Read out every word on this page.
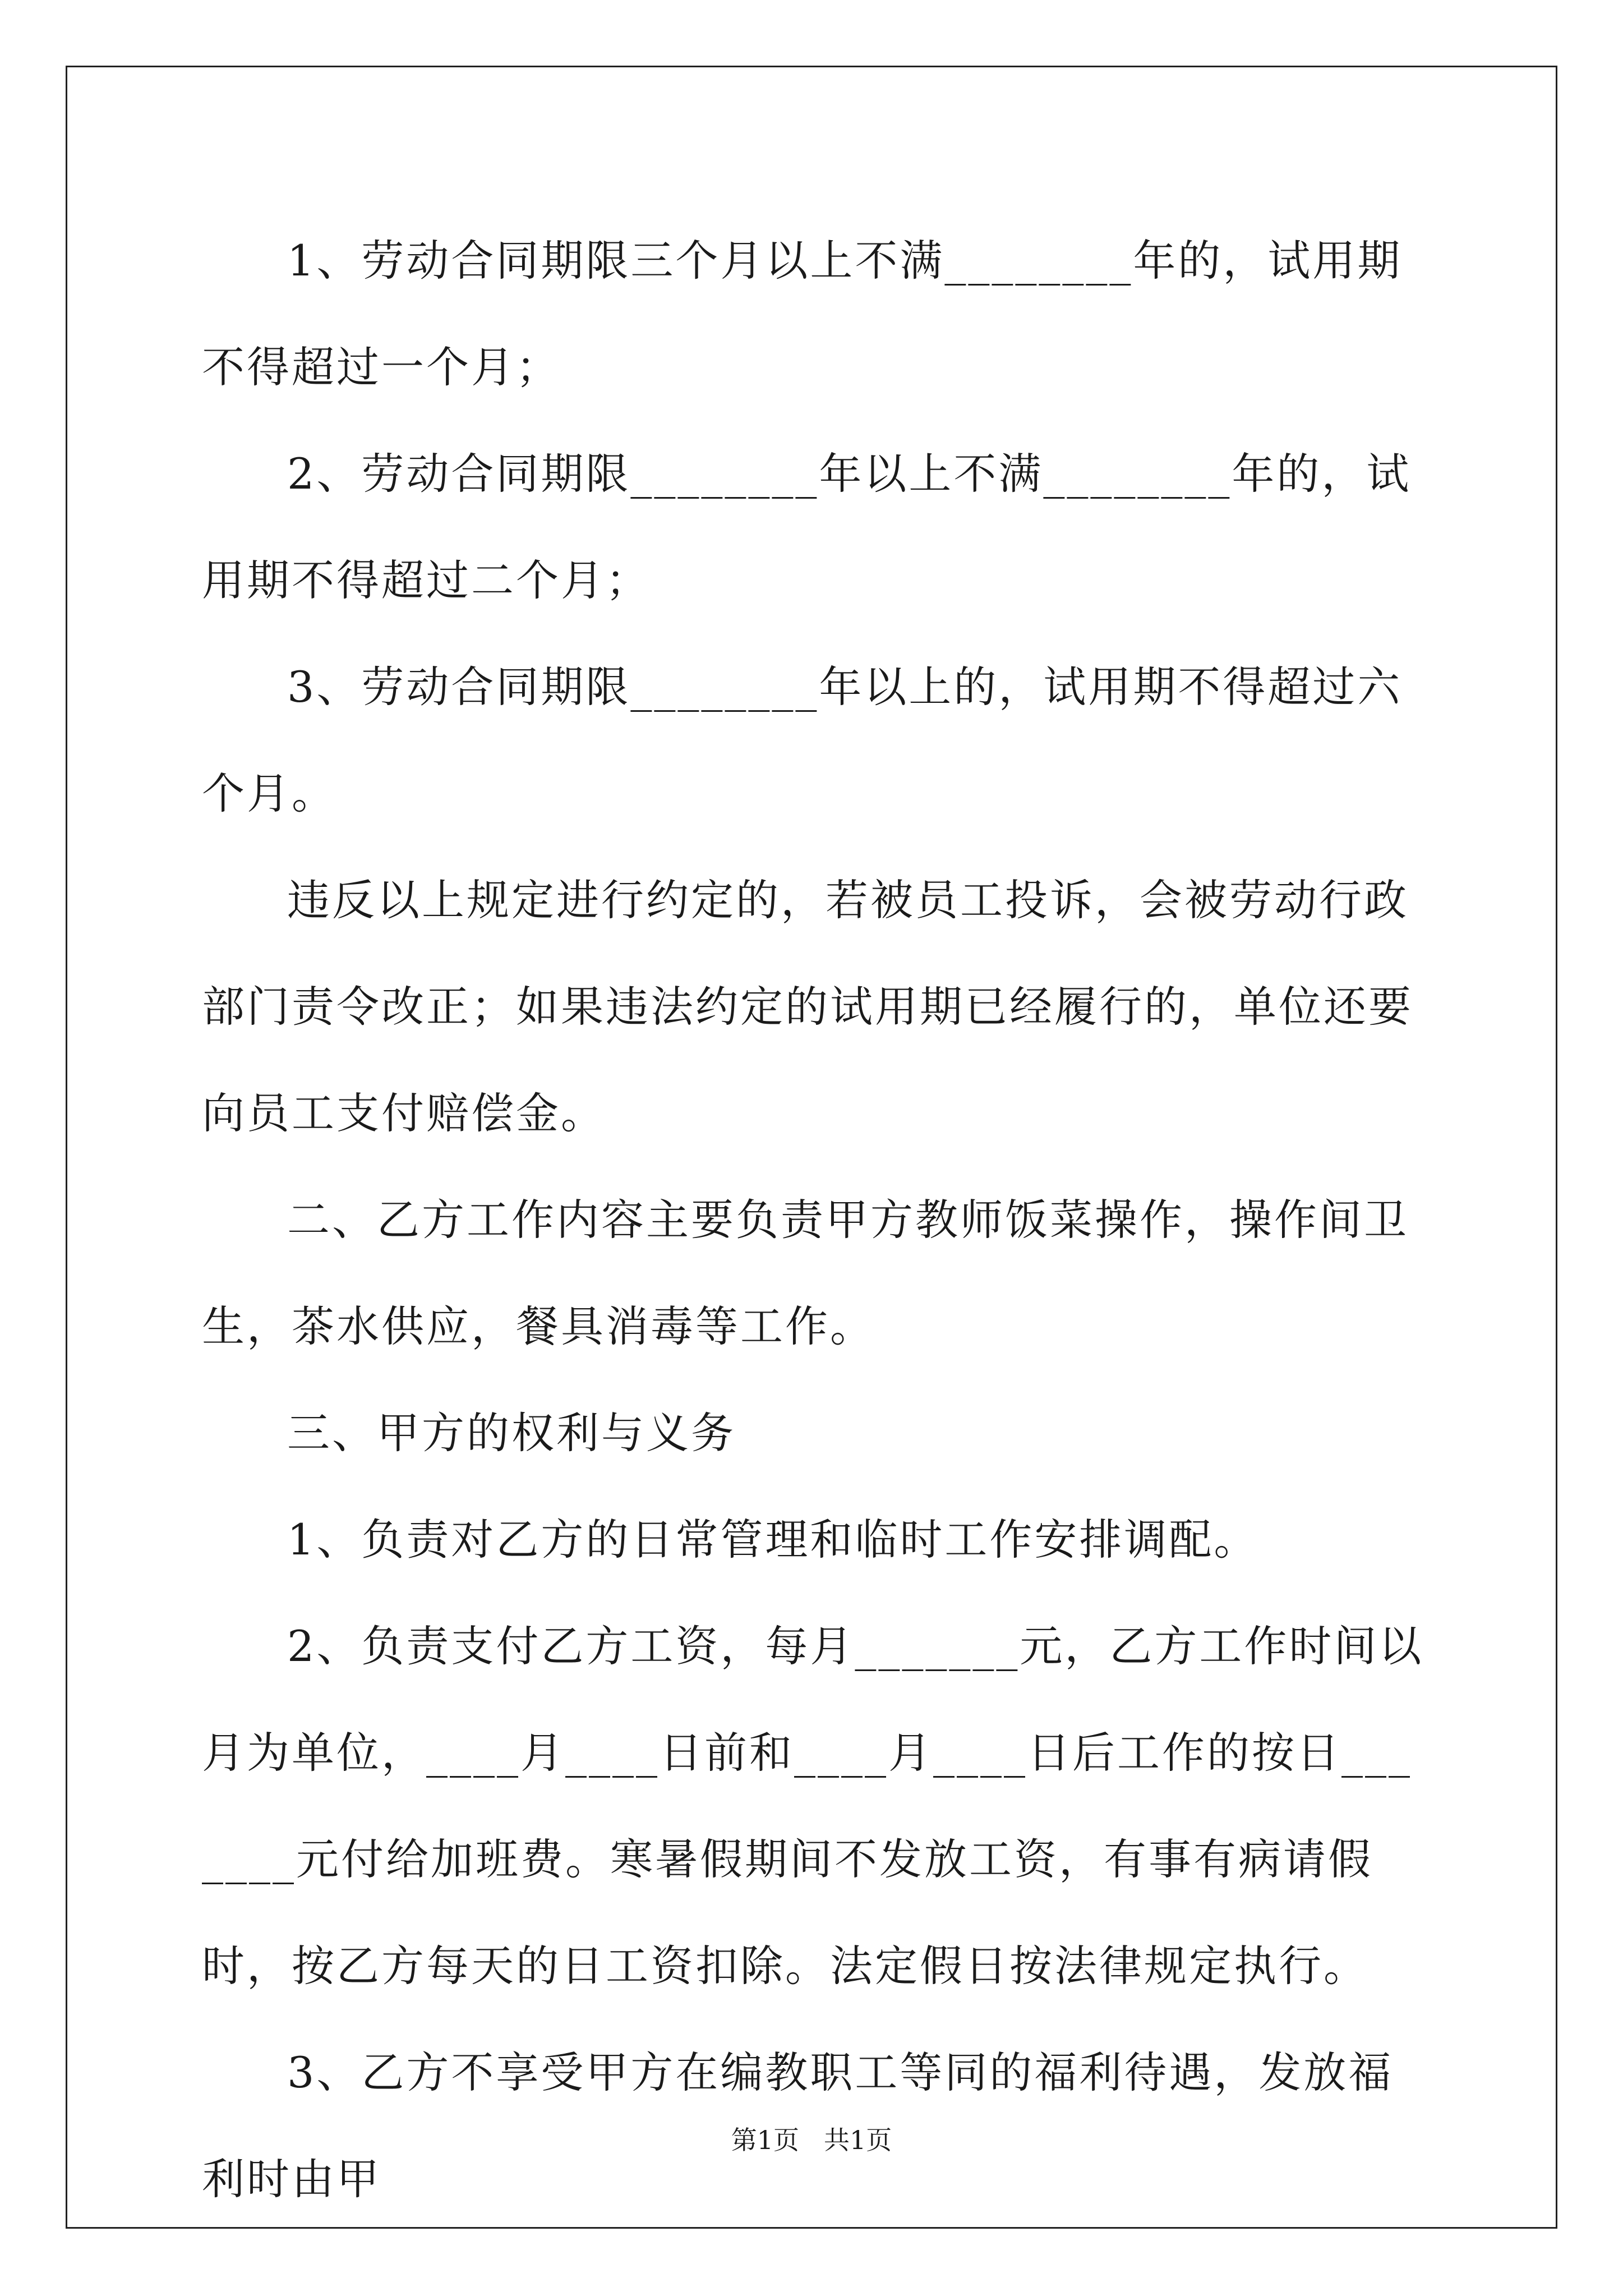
1、劳动合同期限三个月以上不满________年的，试用期不得超过一个月；

2、劳动合同期限________年以上不满________年的，试用期不得超过二个月；

3、劳动合同期限________年以上的，试用期不得超过六个月。

违反以上规定进行约定的，若被员工投诉，会被劳动行政部门责令改正；如果违法约定的试用期已经履行的，单位还要向员工支付赔偿金。

二、乙方工作内容主要负责甲方教师饭菜操作，操作间卫生，茶水供应，餐具消毒等工作。

三、甲方的权利与义务

1、负责对乙方的日常管理和临时工作安排调配。

2、负责支付乙方工资，每月_______元，乙方工作时间以月为单位，____月____日前和____月____日后工作的按日_______元付给加班费。寒暑假期间不发放工资，有事有病请假时，按乙方每天的日工资扣除。法定假日按法律规定执行。

3、乙方不享受甲方在编教职工等同的福利待遇，发放福利时由甲

第1页 共1页
